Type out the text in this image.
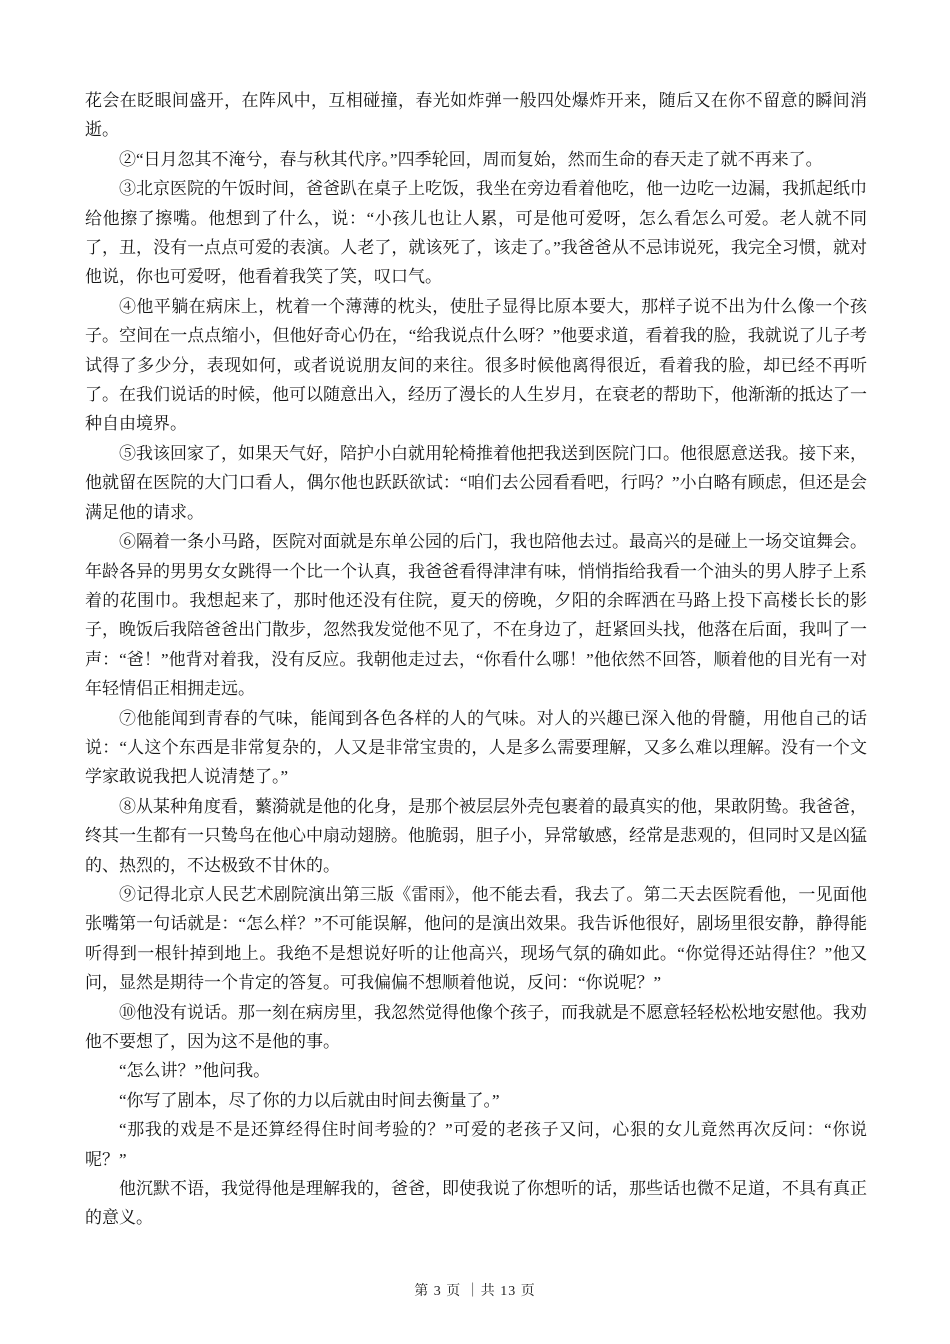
花会在眨眼间盛开，在阵风中，互相碰撞，春光如炸弹一般四处爆炸开来，随后又在你不留意的瞬间消逝。

②“日月忽其不淹兮，春与秋其代序。”四季轮回，周而复始，然而生命的春天走了就不再来了。

③北京医院的午饭时间，爸爸趴在桌子上吃饭，我坐在旁边看着他吃，他一边吃一边漏，我抓起纸巾给他擦了擦嘴。他想到了什么，说：“小孩儿也让人累，可是他可爱呀，怎么看怎么可爱。老人就不同了，丑，没有一点点可爱的表演。人老了，就该死了，该走了。”我爸爸从不忌讳说死，我完全习惯，就对他说，你也可爱呀，他看着我笑了笑，叹口气。

④他平躺在病床上，枕着一个薄薄的枕头，使肚子显得比原本要大，那样子说不出为什么像一个孩子。空间在一点点缩小，但他好奇心仍在，“给我说点什么呀？”他要求道，看着我的脸，我就说了儿子考试得了多少分，表现如何，或者说说朋友间的来往。很多时候他离得很近，看着我的脸，却已经不再听了。在我们说话的时候，他可以随意出入，经历了漫长的人生岁月，在衰老的帮助下，他渐渐的抵达了一种自由境界。

⑤我该回家了，如果天气好，陪护小白就用轮椅推着他把我送到医院门口。他很愿意送我。接下来，他就留在医院的大门口看人，偶尔他也跃跃欲试：“咱们去公园看看吧，行吗？”小白略有顾虑，但还是会满足他的请求。

⑥隔着一条小马路，医院对面就是东单公园的后门，我也陪他去过。最高兴的是碰上一场交谊舞会。年龄各异的男男女女跳得一个比一个认真，我爸爸看得津津有味，悄悄指给我看一个油头的男人脖子上系着的花围巾。我想起来了，那时他还没有住院，夏天的傍晚，夕阳的余晖洒在马路上投下高楼长长的影子，晚饭后我陪爸爸出门散步，忽然我发觉他不见了，不在身边了，赶紧回头找，他落在后面，我叫了一声：“爸！”他背对着我，没有反应。我朝他走过去，“你看什么哪！”他依然不回答，顺着他的目光有一对年轻情侣正相拥走远。

⑦他能闻到青春的气味，能闻到各色各样的人的气味。对人的兴趣已深入他的骨髓，用他自己的话说：“人这个东西是非常复杂的，人又是非常宝贵的，人是多么需要理解，又多么难以理解。没有一个文学家敢说我把人说清楚了。”

⑧从某种角度看，蘩漪就是他的化身，是那个被层层外壳包裹着的最真实的他，果敢阴鸷。我爸爸，终其一生都有一只鸷鸟在他心中扇动翅膀。他脆弱，胆子小，异常敏感，经常是悲观的，但同时又是凶猛的、热烈的，不达极致不甘休的。

⑨记得北京人民艺术剧院演出第三版《雷雨》，他不能去看，我去了。第二天去医院看他，一见面他张嘴第一句话就是：“怎么样？”不可能误解，他问的是演出效果。我告诉他很好，剧场里很安静，静得能听得到一根针掉到地上。我绝不是想说好听的让他高兴，现场气氛的确如此。“你觉得还站得住？”他又问，显然是期待一个肯定的答复。可我偏偏不想顺着他说，反问：“你说呢？”

⑩他没有说话。那一刻在病房里，我忽然觉得他像个孩子，而我就是不愿意轻轻松松地安慰他。我劝他不要想了，因为这不是他的事。

“怎么讲？”他问我。

“你写了剧本，尽了你的力以后就由时间去衡量了。”

“那我的戏是不是还算经得住时间考验的？”可爱的老孩子又问，心狠的女儿竟然再次反问：“你说呢？”

他沉默不语，我觉得他是理解我的，爸爸，即使我说了你想听的话，那些话也微不足道，不具有真正的意义。

第 3 页 ｜共 13 页
